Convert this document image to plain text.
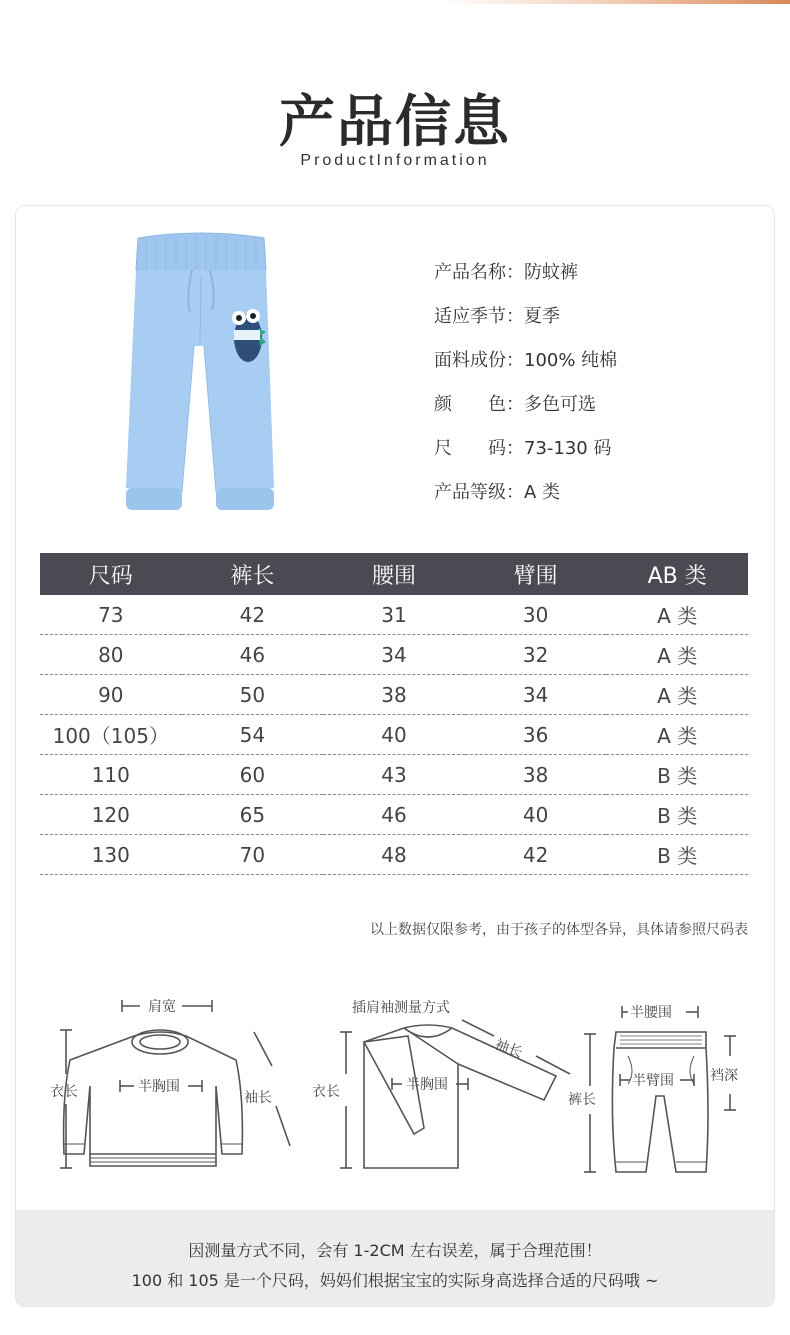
产品信息
ProductInformation
产品名称： 防蚊裤
适应季节： 夏季
面料成份： 100% 纯棉
颜　　色： 多色可选
尺　　码： 73-130 码
产品等级： A 类
尺码	裤长	腰围	臂围	AB 类
73	42	31	30	A 类
80	46	34	32	A 类
90	50	38	34	A 类
100（105）	54	40	36	A 类
110	60	43	38	B 类
120	65	46	40	B 类
130	70	48	42	B 类
以上数据仅限参考，由于孩子的体型各异，具体请参照尺码表
肩宽
半胸围
衣长	袖长
插肩袖测量方式
半胸围
衣长
袖长
半腰围
半臂围
裤长
裆深
因测量方式不同，会有 1-2CM 左右误差，属于合理范围！
100 和 105 是一个尺码，妈妈们根据宝宝的实际身高选择合适的尺码哦 ~
